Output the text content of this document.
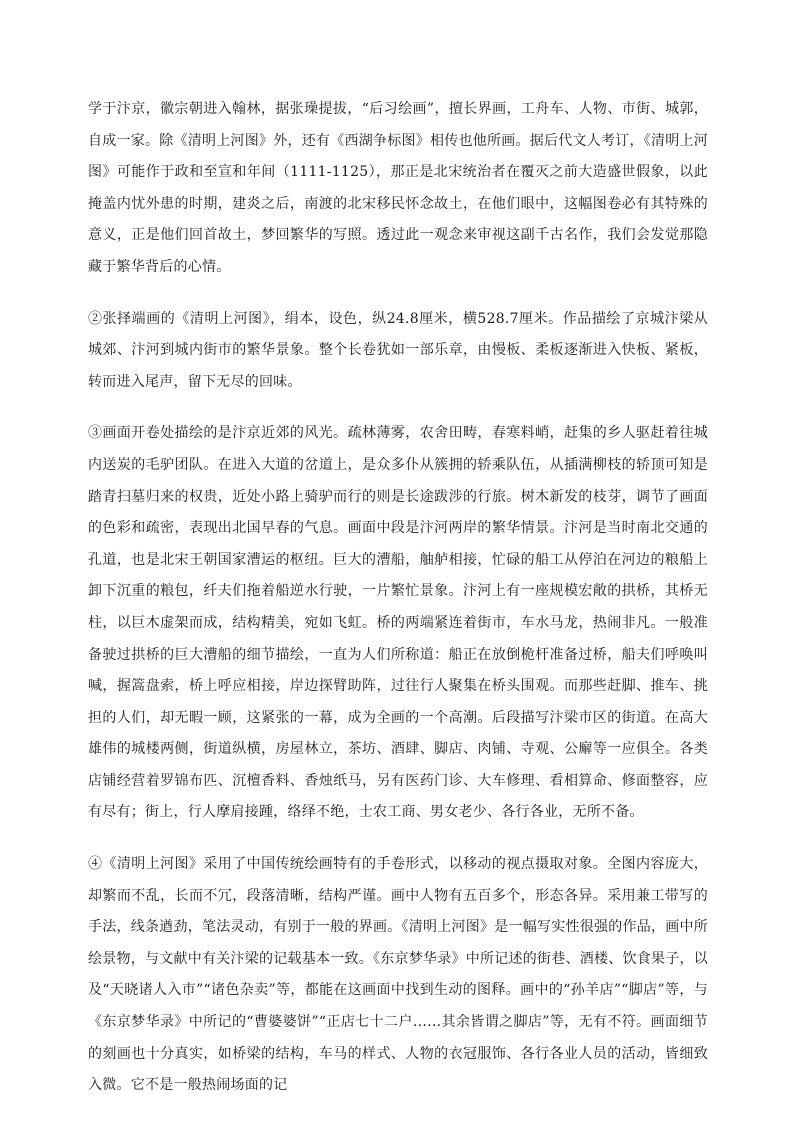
学于汴京，徽宗朝进入翰林，据张璪提拔，“后习绘画”，擅长界画，工舟车、人物、市街、城郭，自成一家。除《清明上河图》外，还有《西湖争标图》相传也他所画。据后代文人考订，《清明上河图》可能作于政和至宣和年间（1111-1125），那正是北宋统治者在覆灭之前大造盛世假象，以此掩盖内忧外患的时期，建炎之后，南渡的北宋移民怀念故土，在他们眼中，这幅图卷必有其特殊的意义，正是他们回首故土，梦回繁华的写照。透过此一观念来审视这副千古名作，我们会发觉那隐藏于繁华背后的心情。

②张择端画的《清明上河图》，绢本，设色，纵24.8厘米，横528.7厘米。作品描绘了京城汴梁从城郊、汴河到城内街市的繁华景象。整个长卷犹如一部乐章，由慢板、柔板逐渐进入快板、紧板，转而进入尾声，留下无尽的回味。

③画面开卷处描绘的是汴京近郊的风光。疏林薄雾，农舍田畴，春寒料峭，赶集的乡人驱赶着往城内送炭的毛驴团队。在进入大道的岔道上，是众多仆从簇拥的轿乘队伍，从插满柳枝的轿顶可知是踏青扫墓归来的权贵，近处小路上骑驴而行的则是长途跋涉的行旅。树木新发的枝芽，调节了画面的色彩和疏密，表现出北国早春的气息。画面中段是汴河两岸的繁华情景。汴河是当时南北交通的孔道，也是北宋王朝国家漕运的枢纽。巨大的漕船，舳舻相接，忙碌的船工从停泊在河边的粮船上卸下沉重的粮包，纤夫们拖着船逆水行驶，一片繁忙景象。汴河上有一座规模宏敞的拱桥，其桥无柱，以巨木虚架而成，结构精美，宛如飞虹。桥的两端紧连着街市，车水马龙，热闹非凡。一般准备驶过拱桥的巨大漕船的细节描绘，一直为人们所称道：船正在放倒桅杆准备过桥，船夫们呼唤叫喊，握篙盘索，桥上呼应相接，岸边探臂助阵，过往行人聚集在桥头围观。而那些赶脚、推车、挑担的人们，却无暇一顾，这紧张的一幕，成为全画的一个高潮。后段描写汴梁市区的街道。在高大雄伟的城楼两侧，街道纵横，房屋林立，茶坊、酒肆、脚店、肉铺、寺观、公廨等一应俱全。各类店铺经营着罗锦布匹、沉檀香料、香烛纸马，另有医药门诊、大车修理、看相算命、修面整容，应有尽有；街上，行人摩肩接踵，络绎不绝，士农工商、男女老少、各行各业，无所不备。

④《清明上河图》采用了中国传统绘画特有的手卷形式，以移动的视点摄取对象。全图内容庞大，却繁而不乱，长而不冗，段落清晰，结构严谨。画中人物有五百多个，形态各异。采用兼工带写的手法，线条遒劲，笔法灵动，有别于一般的界画。《清明上河图》是一幅写实性很强的作品，画中所绘景物，与文献中有关汴梁的记载基本一致。《东京梦华录》中所记述的街巷、酒楼、饮食果子，以及“天晓诸人入市”“诸色杂卖”等，都能在这画面中找到生动的图释。画中的“孙羊店”“脚店”等，与《东京梦华录》中所记的“曹婆婆饼”“正店七十二户……其余皆谓之脚店”等，无有不符。画面细节的刻画也十分真实，如桥梁的结构，车马的样式、人物的衣冠服饰、各行各业人员的活动，皆细致入微。它不是一般热闹场面的记
